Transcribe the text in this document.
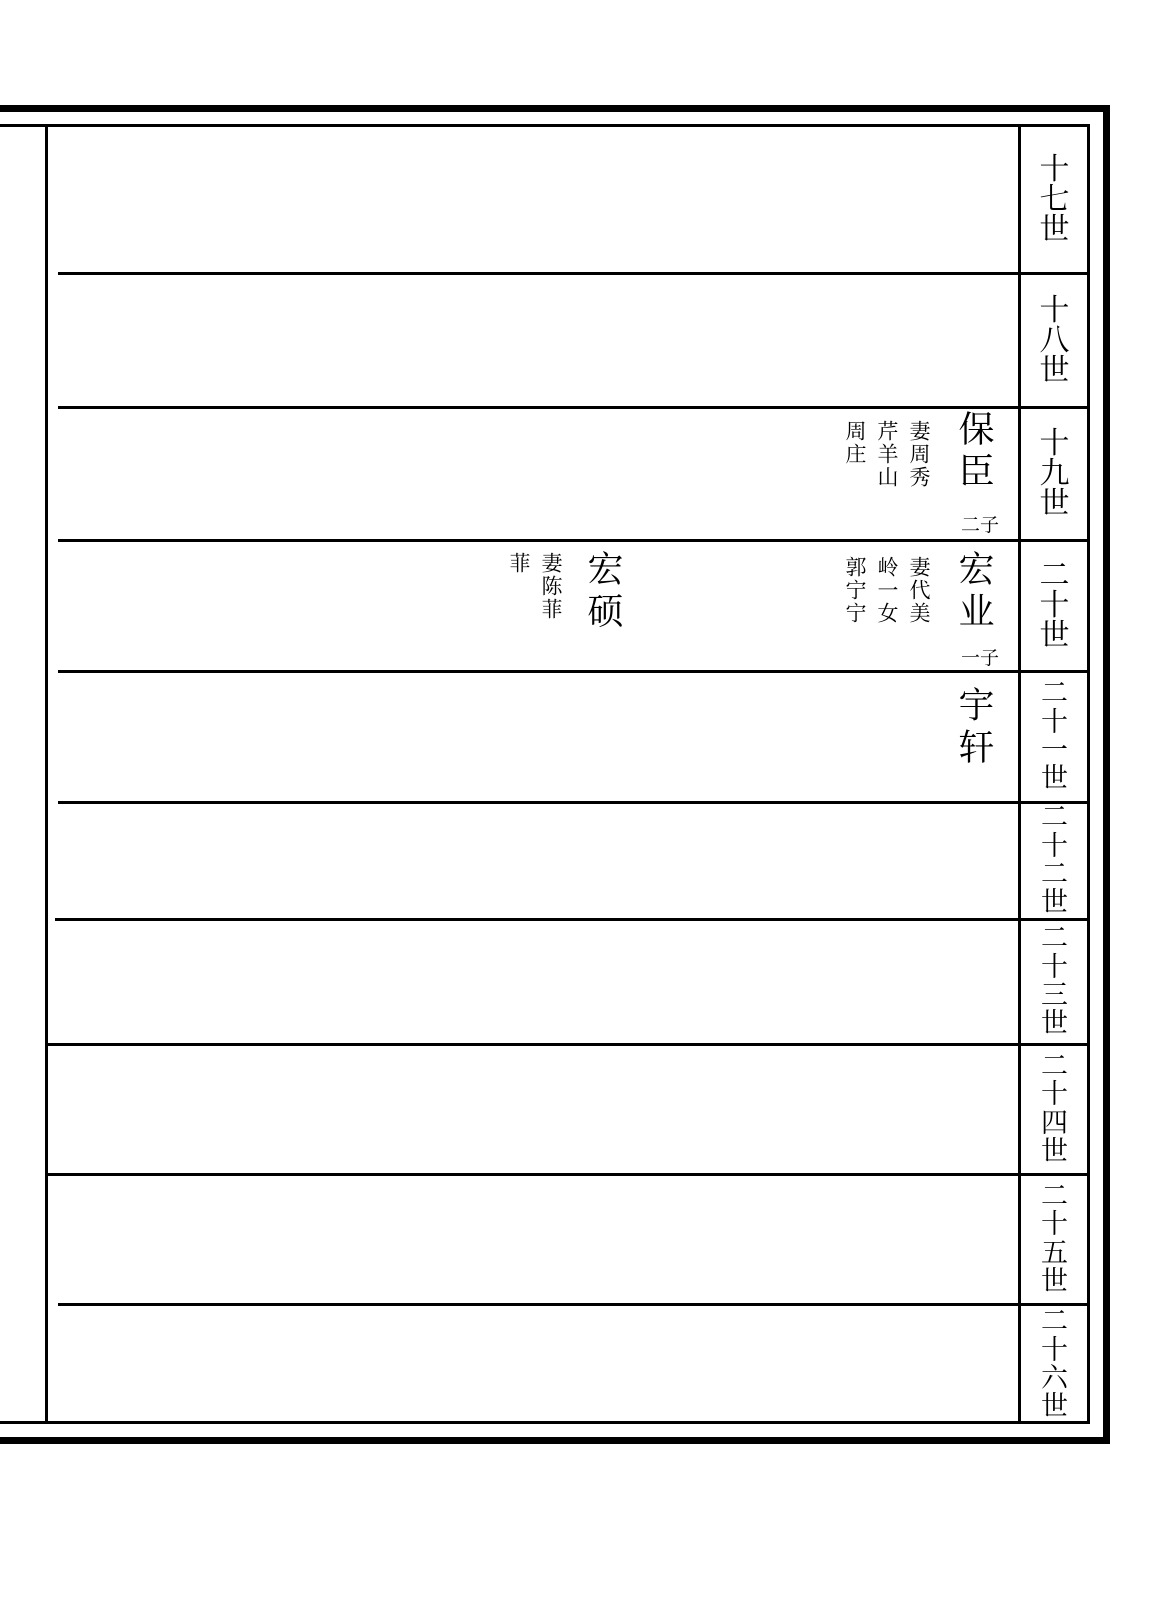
十
七
世
十
八
世
十
九
世
二
十
世
二
十
一
世
二
十
二
世
二
十
三
世
二
十
四
世
二
十
五
世
二
十
六
世
保臣
二子
妻周秀
芹羊山
周庄
宏业
一子
妻代美
岭一女
郭宁宁
宏硕
妻陈菲
菲
宇轩
